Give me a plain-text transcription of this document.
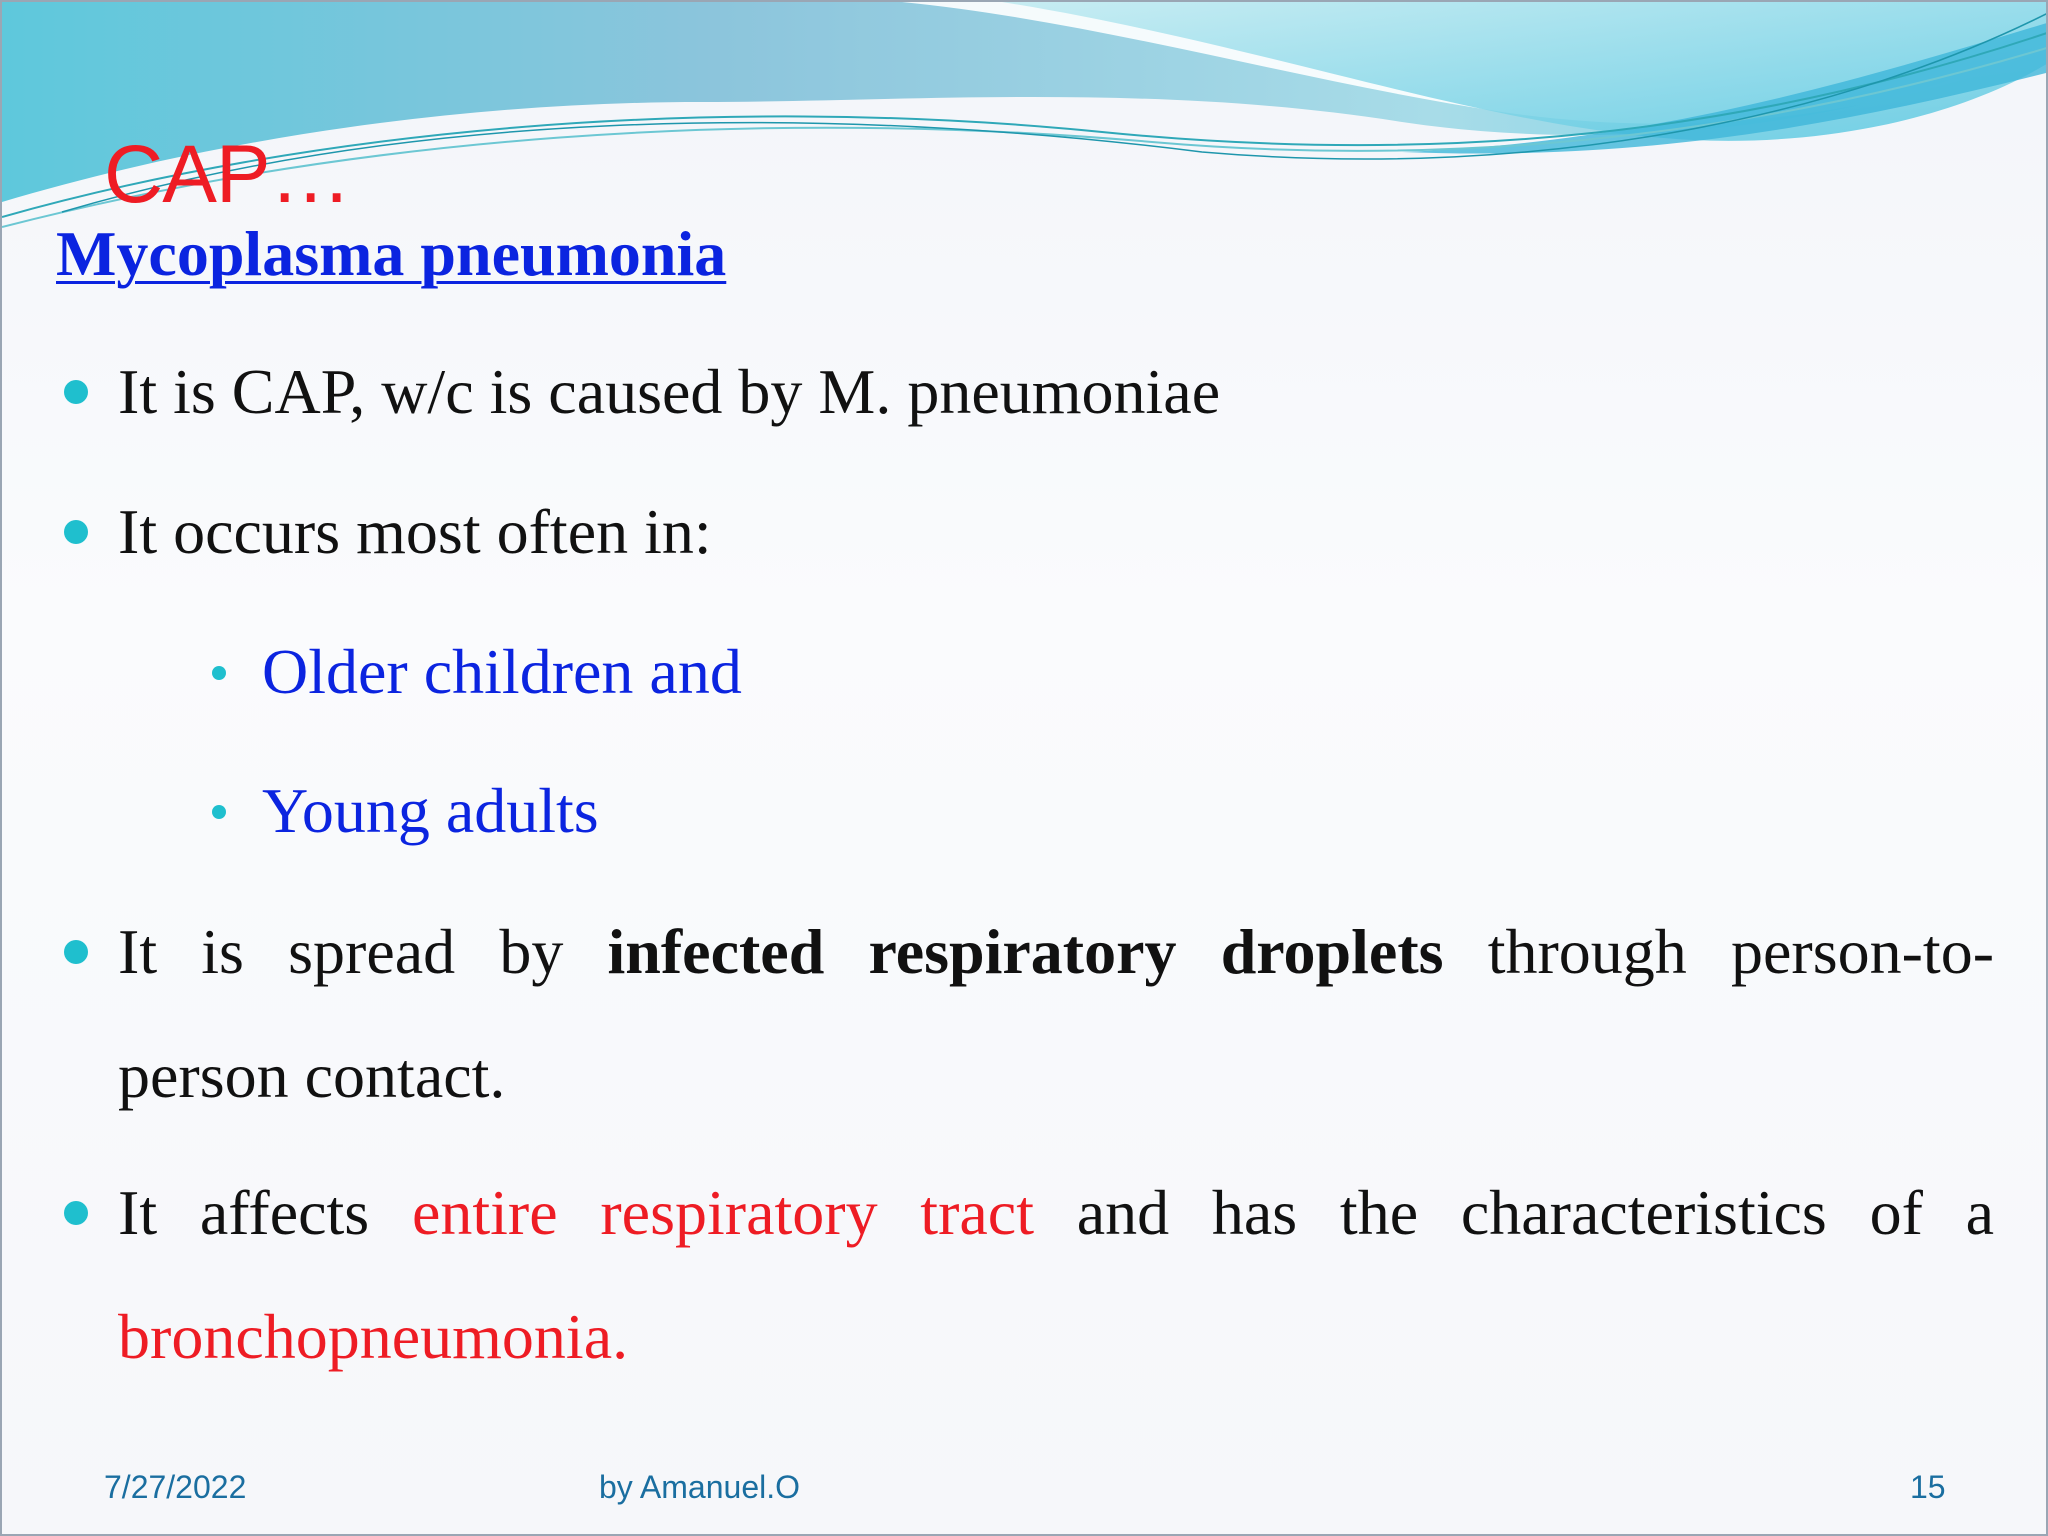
CAP…
Mycoplasma pneumonia
It is CAP, w/c is caused by M. pneumoniae
It occurs most often in:
Older children and
Young adults
It is spread by infected respiratory droplets through person-to-
person contact.
It affects entire respiratory tract and has the characteristics of a
bronchopneumonia.
7/27/2022	by Amanuel.O	15
